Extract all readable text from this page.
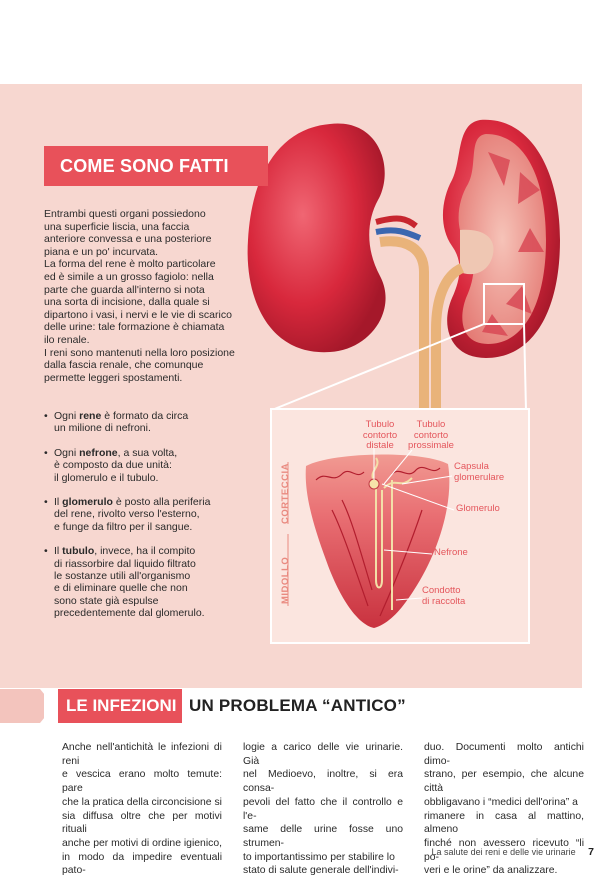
COME SONO FATTI

Entrambi questi organi possiedono

una superficie liscia, una faccia

anteriore convessa e una posteriore

piana e un po' incurvata.

La forma del rene è molto particolare

ed è simile a un grosso fagiolo: nella

parte che guarda all'interno si nota

una sorta di incisione, dalla quale si

dipartono i vasi, i nervi e le vie di scarico

delle urine: tale formazione è chiamata

ilo renale.

I reni sono mantenuti nella loro posizione

dalla fascia renale, che comunque

permette leggeri spostamenti.

• Ogni rene è formato da circa
un milione di nefroni.
• Ogni nefrone, a sua volta,
è composto da due unità:
il glomerulo e il tubulo.
• Il glomerulo è posto alla periferia
del rene, rivolto verso l'esterno,
e funge da filtro per il sangue.
• Il tubulo, invece, ha il compito
di riassorbire dal liquido filtrato
le sostanze utili all'organismo
e di eliminare quelle che non
sono state già espulse
precedentemente dal glomerulo.
Tubulo
contorto
distale
Tubulo
contorto
prossimale
Capsula
glomerulare
Glomerulo
Nefrone
Condotto
di raccolta
CORTECCIA
MIDOLLO
LE INFEZIONI UN PROBLEMA “ANTICO”
Anche nell'antichità le infezioni di reni
e vescica erano molto temute: pare
che la pratica della circoncisione si
sia diffusa oltre che per motivi rituali
anche per motivi di ordine igienico,
in modo da impedire eventuali pato-
logie a carico delle vie urinarie. Già
nel Medioevo, inoltre, si era consa-
pevoli del fatto che il controllo e l'e-
same delle urine fosse uno strumen-
to importantissimo per stabilire lo
stato di salute generale dell'indivi-
duo. Documenti molto antichi dimo-
strano, per esempio, che alcune città
obbligavano i “medici dell'orina” a
rimanere in casa al mattino, almeno
finché non avessero ricevuto “li po-
veri e le orine” da analizzare.
La salute dei reni e delle vie urinarie 7
